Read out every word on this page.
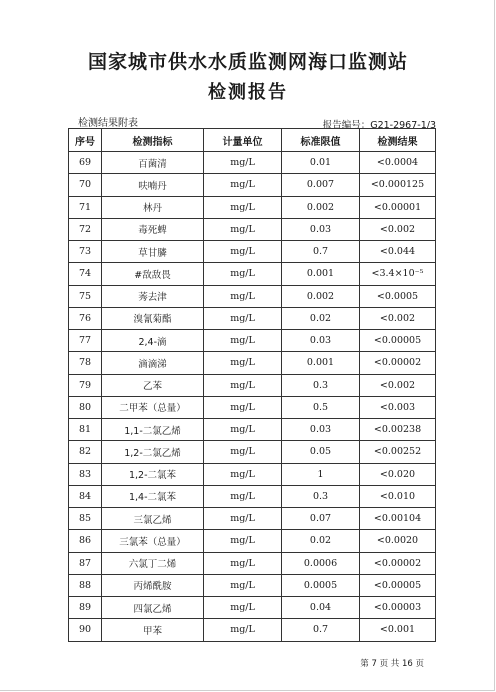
国家城市供水水质监测网海口监测站
检测报告
检测结果附表	报告编号：G21-2967-1/3
序号	检测指标	计量单位	标准限值	检测结果
69	百菌清	mg/L	0.01	<0.0004
70	呋喃丹	mg/L	0.007	<0.000125
71	林丹	mg/L	0.002	<0.00001
72	毒死蜱	mg/L	0.03	<0.002
73	草甘膦	mg/L	0.7	<0.044
74	#敌敌畏	mg/L	0.001	<3.4×10⁻⁵
75	莠去津	mg/L	0.002	<0.0005
76	溴氰菊酯	mg/L	0.02	<0.002
77	2,4-滴	mg/L	0.03	<0.00005
78	滴滴涕	mg/L	0.001	<0.00002
79	乙苯	mg/L	0.3	<0.002
80	二甲苯（总量）	mg/L	0.5	<0.003
81	1,1-二氯乙烯	mg/L	0.03	<0.00238
82	1,2-二氯乙烯	mg/L	0.05	<0.00252
83	1,2-二氯苯	mg/L	1	<0.020
84	1,4-二氯苯	mg/L	0.3	<0.010
85	三氯乙烯	mg/L	0.07	<0.00104
86	三氯苯（总量）	mg/L	0.02	<0.0020
87	六氯丁二烯	mg/L	0.0006	<0.00002
88	丙烯酰胺	mg/L	0.0005	<0.00005
89	四氯乙烯	mg/L	0.04	<0.00003
90	甲苯	mg/L	0.7	<0.001
第 7 页 共 16 页
